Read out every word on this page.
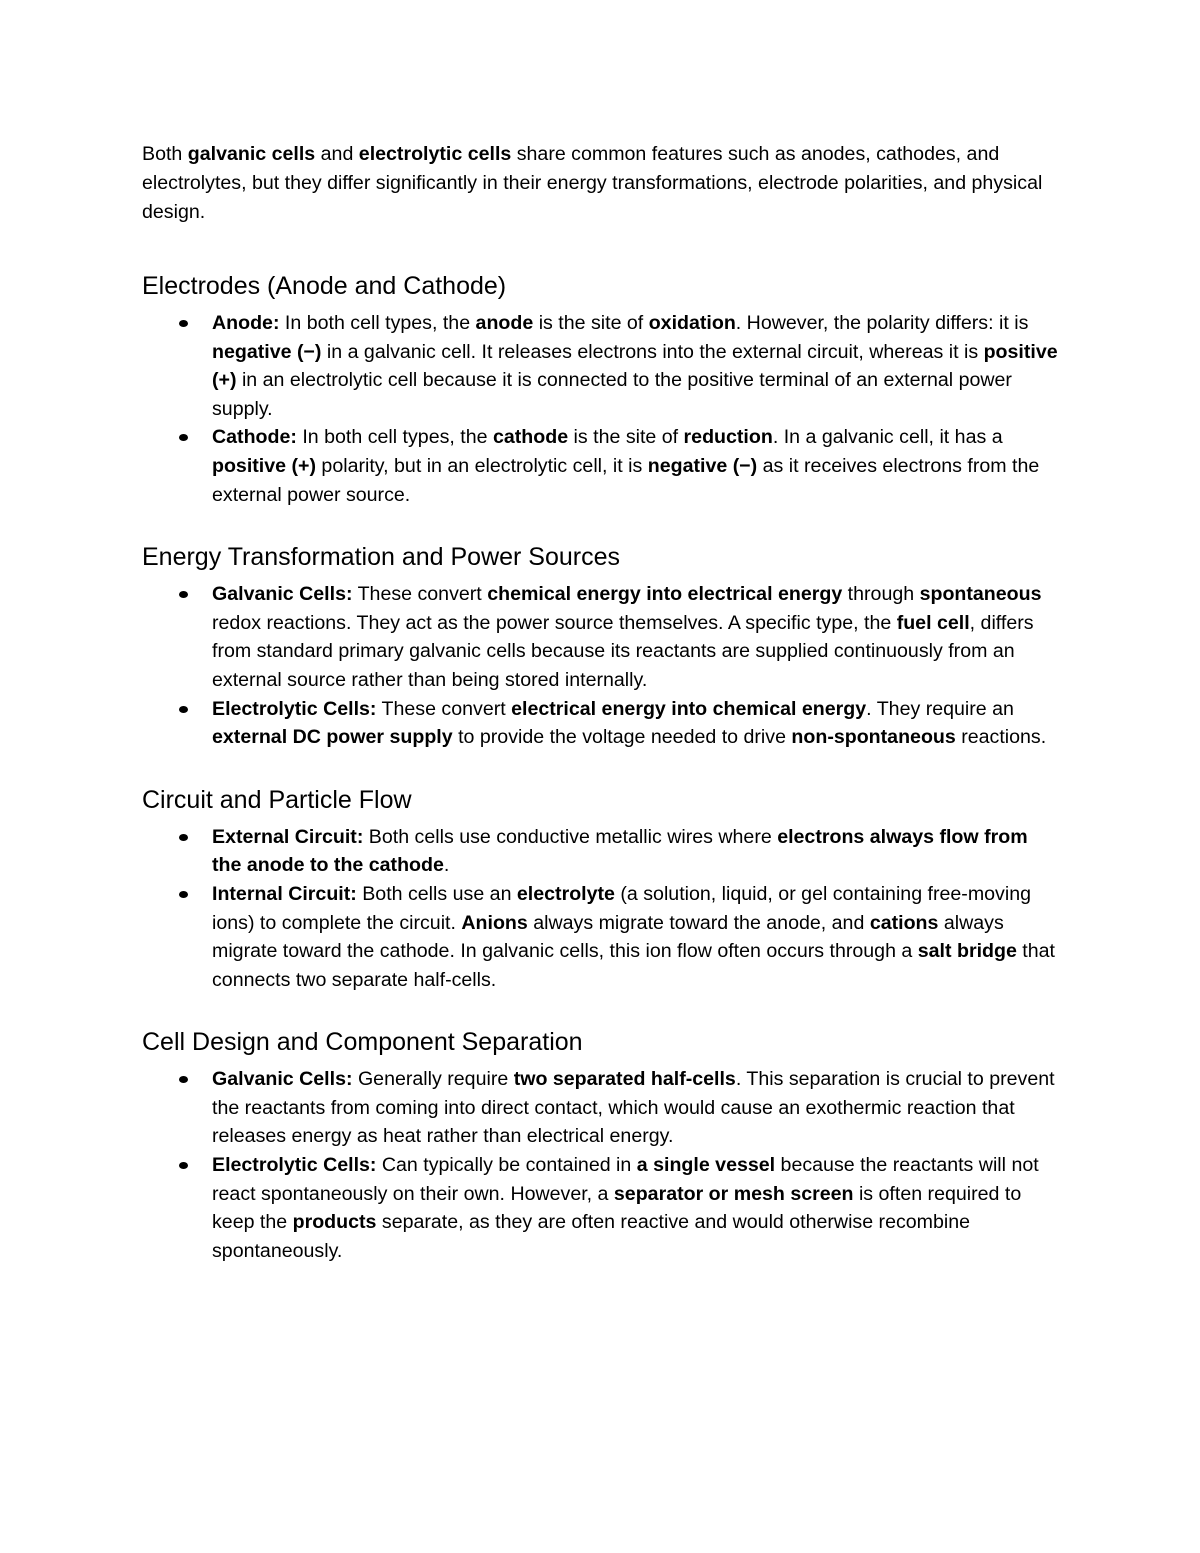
Both galvanic cells and electrolytic cells share common features such as anodes, cathodes, and electrolytes, but they differ significantly in their energy transformations, electrode polarities, and physical design.

Electrodes (Anode and Cathode)
Anode: In both cell types, the anode is the site of oxidation. However, the polarity differs: it is negative (−) in a galvanic cell. It releases electrons into the external circuit, whereas it is positive (+) in an electrolytic cell because it is connected to the positive terminal of an external power supply.
Cathode: In both cell types, the cathode is the site of reduction. In a galvanic cell, it has a positive (+) polarity, but in an electrolytic cell, it is negative (−) as it receives electrons from the external power source.
Energy Transformation and Power Sources
Galvanic Cells: These convert chemical energy into electrical energy through spontaneous redox reactions. They act as the power source themselves. A specific type, the fuel cell, differs from standard primary galvanic cells because its reactants are supplied continuously from an external source rather than being stored internally.
Electrolytic Cells: These convert electrical energy into chemical energy. They require an external DC power supply to provide the voltage needed to drive non-spontaneous reactions.
Circuit and Particle Flow
External Circuit: Both cells use conductive metallic wires where electrons always flow from the anode to the cathode.
Internal Circuit: Both cells use an electrolyte (a solution, liquid, or gel containing free-moving ions) to complete the circuit. Anions always migrate toward the anode, and cations always migrate toward the cathode. In galvanic cells, this ion flow often occurs through a salt bridge that connects two separate half-cells.
Cell Design and Component Separation
Galvanic Cells: Generally require two separated half-cells. This separation is crucial to prevent the reactants from coming into direct contact, which would cause an exothermic reaction that releases energy as heat rather than electrical energy.
Electrolytic Cells: Can typically be contained in a single vessel because the reactants will not react spontaneously on their own. However, a separator or mesh screen is often required to keep the products separate, as they are often reactive and would otherwise recombine spontaneously.
